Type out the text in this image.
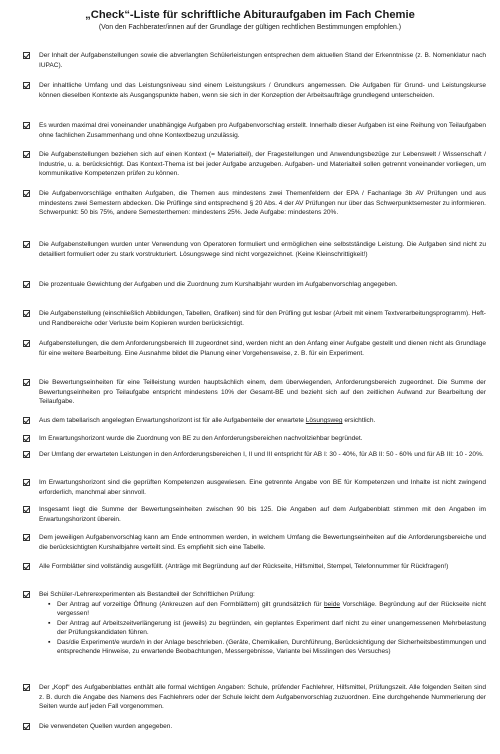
„Check“-Liste für schriftliche Abituraufgaben im Fach Chemie
(Von den Fachberater/innen auf der Grundlage der gültigen rechtlichen Bestimmungen empfohlen.)
Der Inhalt der Aufgabenstellungen sowie die abverlangten Schülerleistungen entsprechen dem aktuellen Stand der Erkenntnisse (z. B. Nomenklatur nach IUPAC).
Der inhaltliche Umfang und das Leistungsniveau sind einem Leistungskurs / Grundkurs angemessen. Die Aufgaben für Grund- und Leistungskurse können dieselben Kontexte als Ausgangspunkte haben, wenn sie sich in der Konzeption der Arbeitsaufträge grundlegend unterscheiden.
Es wurden maximal drei voneinander unabhängige Aufgaben pro Aufgabenvorschlag erstellt. Innerhalb dieser Aufgaben ist eine Reihung von Teilaufgaben ohne fachlichen Zusammenhang und ohne Kontextbezug unzulässig.
Die Aufgabenstellungen beziehen sich auf einen Kontext (= Materialteil), der Fragestellungen und Anwendungsbezüge zur Lebenswelt / Wissenschaft / Industrie, u. a. berücksichtigt. Das Kontext-Thema ist bei jeder Aufgabe anzugeben. Aufgaben- und Materialteil sollen getrennt voneinander vorliegen, um kommunikative Kompetenzen prüfen zu können.
Die Aufgabenvorschläge enthalten Aufgaben, die Themen aus mindestens zwei Themenfeldern der EPA / Fachanlage 3b AV Prüfungen und aus mindestens zwei Semestern abdecken. Die Prüflinge sind entsprechend § 20 Abs. 4 der AV Prüfungen nur über das Schwerpunktsemester zu informieren. Schwerpunkt: 50 bis 75%, andere Semesterthemen: mindestens 25%. Jede Aufgabe: mindestens 20%.
Die Aufgabenstellungen wurden unter Verwendung von Operatoren formuliert und ermöglichen eine selbstständige Leistung. Die Aufgaben sind nicht zu detailliert formuliert oder zu stark vorstrukturiert. Lösungswege sind nicht vorgezeichnet. (Keine Kleinschrittigkeit!)
Die prozentuale Gewichtung der Aufgaben und die Zuordnung zum Kurshalbjahr wurden im Aufgabenvorschlag angegeben.
Die Aufgabenstellung (einschließlich Abbildungen, Tabellen, Grafiken) sind für den Prüfling gut lesbar (Arbeit mit einem Textverarbeitungsprogramm). Heft- und Randbereiche oder Verluste beim Kopieren wurden berücksichtigt.
Aufgabenstellungen, die dem Anforderungsbereich III zugeordnet sind, werden nicht an den Anfang einer Aufgabe gestellt und dienen nicht als Grundlage für eine weitere Bearbeitung. Eine Ausnahme bildet die Planung einer Vorgehensweise, z. B. für ein Experiment.
Die Bewertungseinheiten für eine Teilleistung wurden hauptsächlich einem, dem überwiegenden, Anforderungsbereich zugeordnet. Die Summe der Bewertungseinheiten pro Teilaufgabe entspricht mindestens 10% der Gesamt-BE und bezieht sich auf den zeitlichen Aufwand zur Bearbeitung der Teilaufgabe.
Aus dem tabellarisch angelegten Erwartungshorizont ist für alle Aufgabenteile der erwartete Lösungsweg ersichtlich.
Im Erwartungshorizont wurde die Zuordnung von BE zu den Anforderungsbereichen nachvollziehbar begründet.
Der Umfang der erwarteten Leistungen in den Anforderungsbereichen I, II und III entspricht für AB I: 30 - 40%, für AB II: 50 - 60% und für AB III: 10 - 20%.
Im Erwartungshorizont sind die geprüften Kompetenzen ausgewiesen. Eine getrennte Angabe von BE für Kompetenzen und Inhalte ist nicht zwingend erforderlich, manchmal aber sinnvoll.
Insgesamt liegt die Summe der Bewertungseinheiten zwischen 90 bis 125. Die Angaben auf dem Aufgabenblatt stimmen mit den Angaben im Erwartungshorizont überein.
Dem jeweiligen Aufgabenvorschlag kann am Ende entnommen werden, in welchem Umfang die Bewertungseinheiten auf die Anforderungsbereiche und die berücksichtigten Kurshalbjahre verteilt sind. Es empfiehlt sich eine Tabelle.
Alle Formblätter sind vollständig ausgefüllt. (Anträge mit Begründung auf der Rückseite, Hilfsmittel, Stempel, Telefonnummer für Rückfragen!)
Bei Schüler-/Lehrerexperimenten als Bestandteil der Schriftlichen Prüfung:
▪ Der Antrag auf vorzeitige Öffnung (Ankreuzen auf den Formblättern) gilt grundsätzlich für beide Vorschläge. Begründung auf der Rückseite nicht vergessen!
▪ Der Antrag auf Arbeitszeitverlängerung ist (jeweils) zu begründen, ein geplantes Experiment darf nicht zu einer unangemessenen Mehrbelastung der Prüfungskandidaten führen.
▪ Das/die Experiment/e wurde/n in der Anlage beschrieben. (Geräte, Chemikalien, Durchführung, Berücksichtigung der Sicherheitsbestimmungen und entsprechende Hinweise, zu erwartende Beobachtungen, Messergebnisse, Variante bei Misslingen des Versuches)
Der „Kopf“ des Aufgabenblattes enthält alle formal wichtigen Angaben: Schule, prüfender Fachlehrer, Hilfsmittel, Prüfungszeit. Alle folgenden Seiten sind z. B. durch die Angabe des Namens des Fachlehrers oder der Schule leicht dem Aufgabenvorschlag zuzuordnen. Eine durchgehende Nummerierung der Seiten wurde auf jeden Fall vorgenommen.
Die verwendeten Quellen wurden angegeben.
